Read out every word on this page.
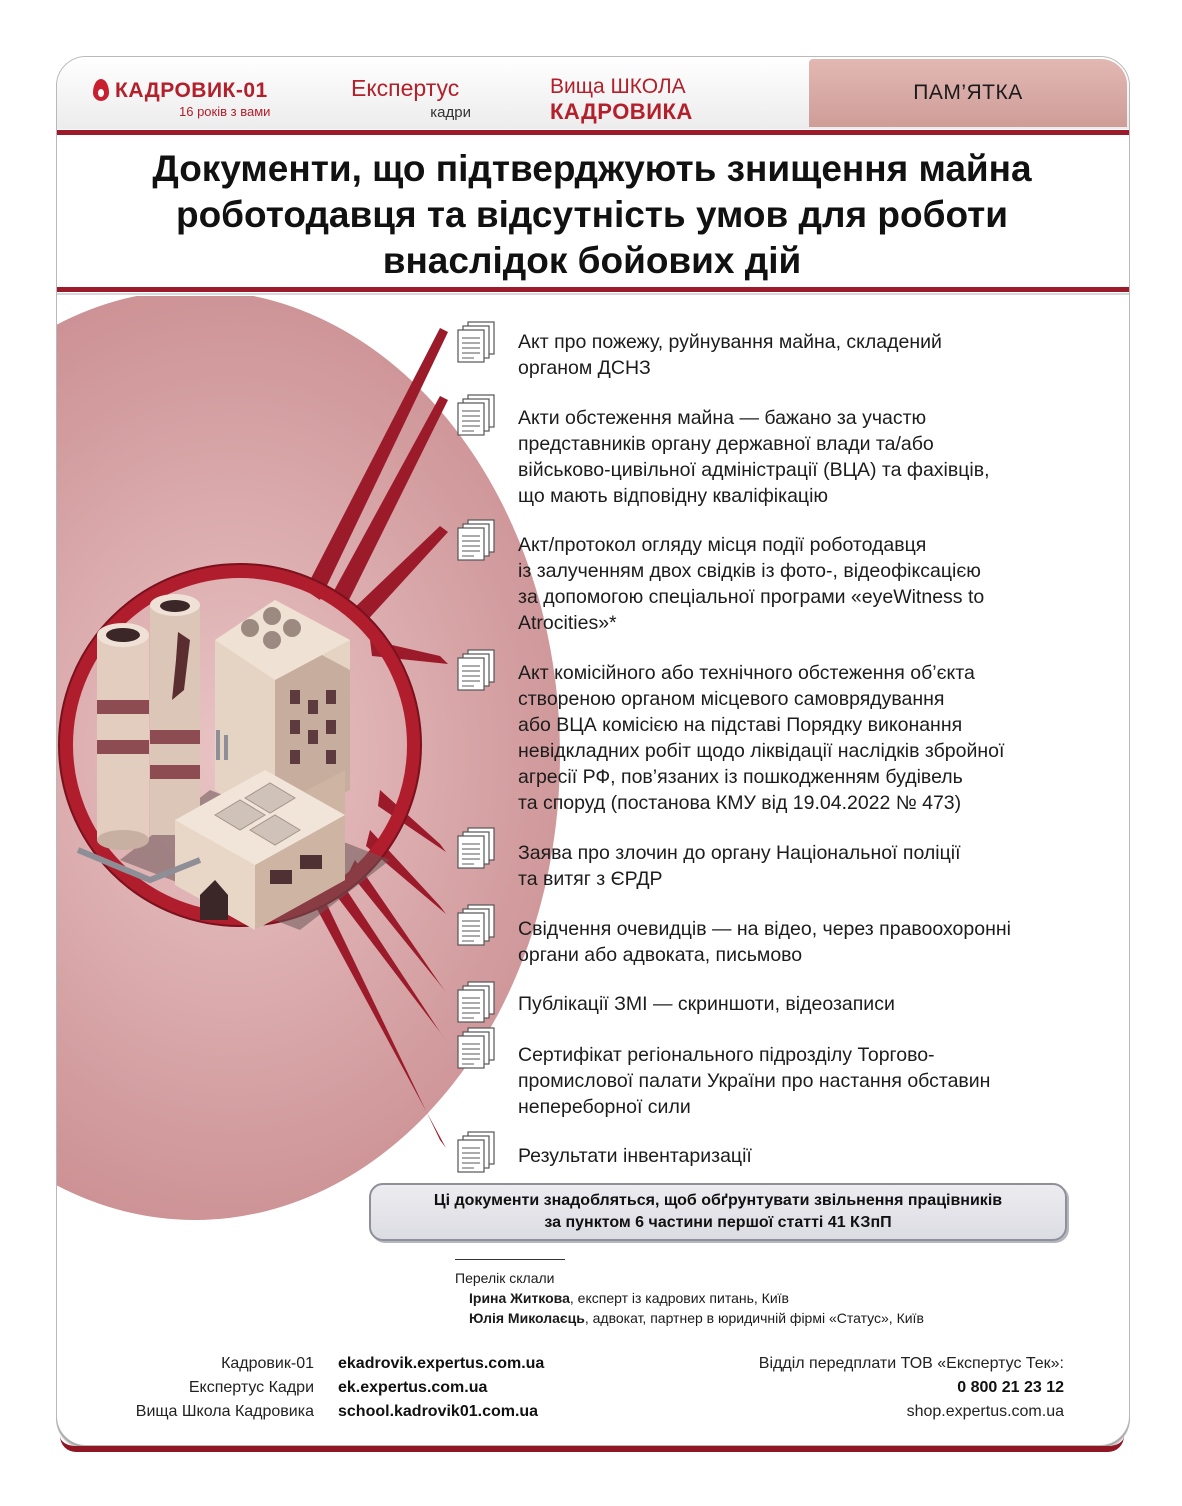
КАДРОВИК-01
16 років з вами
Експертус
кадри
Вища ШКОЛА
КАДРОВИКА
ПАМ’ЯТКА
Документи, що підтверджують знищення майна
роботодавця та відсутність умов для роботи
внаслідок бойових дій
Акт про пожежу, руйнування майна, складений
органом ДСНЗ
Акти обстеження майна — бажано за участю
представників органу державної влади та/або
військово-цивільної адміністрації (ВЦА) та фахівців,
що мають відповідну кваліфікацію
Акт/протокол огляду місця події роботодавця
із залученням двох свідків із фото-, відеофіксацією
за допомогою спеціальної програми «eyeWitness to
Atrocities»*
Акт комісійного або технічного обстеження об’єкта
створеною органом місцевого самоврядування
або ВЦА комісією на підставі Порядку виконання
невідкладних робіт щодо ліквідації наслідків збройної
агресії РФ, пов’язаних із пошкодженням будівель
та споруд (постанова КМУ від 19.04.2022 № 473)
Заява про злочин до органу Національної поліції
та витяг з ЄРДР
Свідчення очевидців — на відео, через правоохоронні
органи або адвоката, письмово
Публікації ЗМІ — скриншоти, відеозаписи
Сертифікат регіонального підрозділу Торгово-
промислової палати України про настання обставин
непереборної сили
Результати інвентаризації
Ці документи знадобляться, щоб обґрунтувати звільнення працівників
за пунктом 6 частини першої статті 41 КЗпП
Перелік склали
Ірина Житкова, експерт із кадрових питань, Київ
Юлія Миколаєць, адвокат, партнер в юридичній фірмі «Статус», Київ
Кадровик-01
Експертус Кадри
Вища Школа Кадровика
ekadrovik.expertus.com.ua
ek.expertus.com.ua
school.kadrovik01.com.ua
Відділ передплати ТОВ «Експертус Тек»:
0 800 21 23 12
shop.expertus.com.ua
